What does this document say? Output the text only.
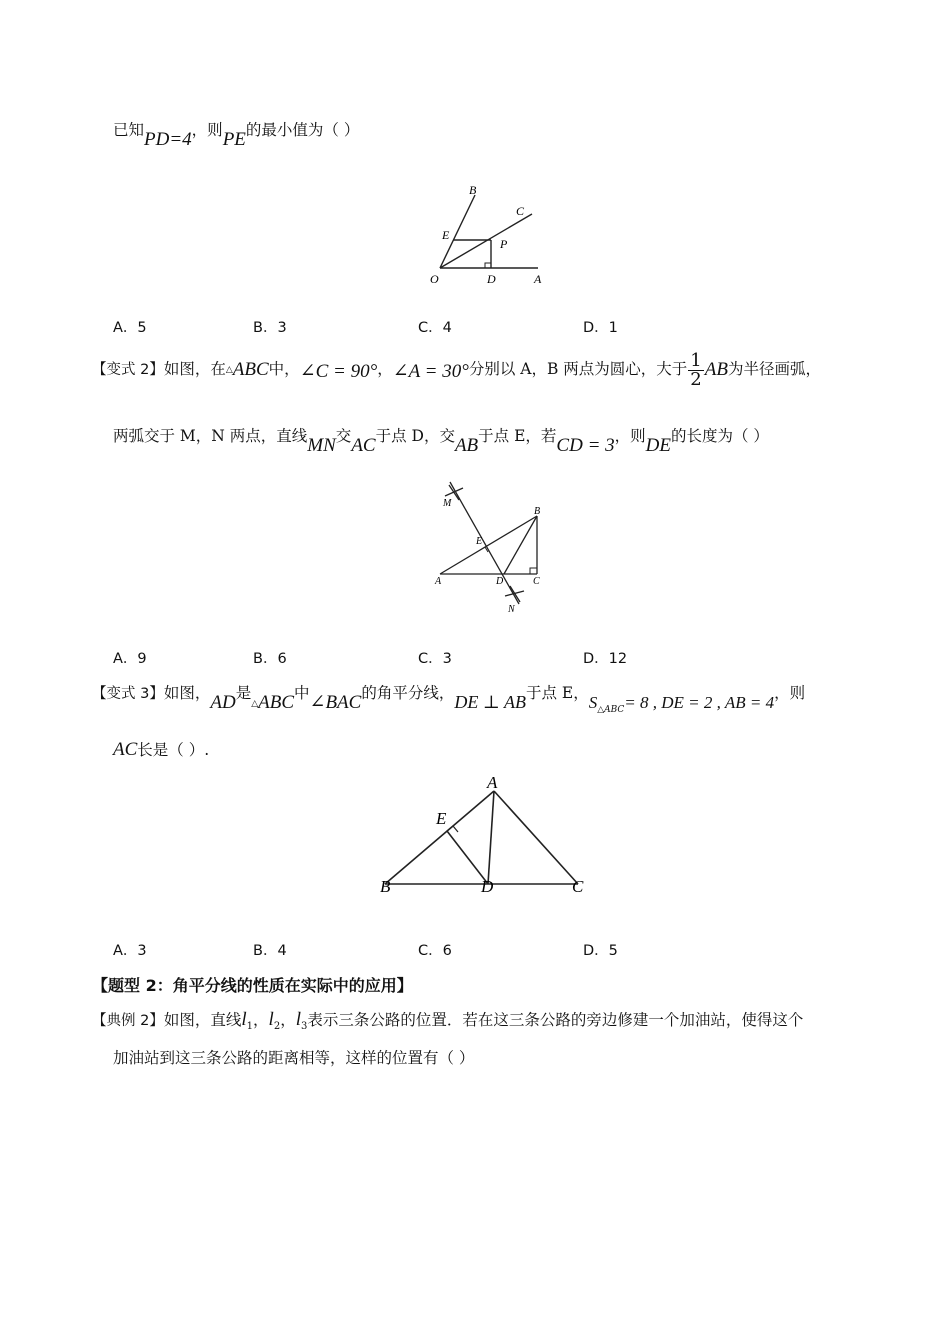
已知PD=4，则PE的最小值为（ ）
B
C
E
P
O	D	A
A．5	B．3	C．4	D．1
【变式 2】如图，在$_\triangle$ABC中，∠C = 90°，∠A = 30°分别以 A，B 两点为圆心，大于 $\frac{1}{2}$ AB为半径画弧，
两弧交于 M，N 两点，直线MN交AC于点 D，交AB于点 E，若CD = 3，则DE的长度为（ ）
M
B
E
A	D	C
N
A．9	B．6	C．3	D．12
【变式 3】如图，AD是$_\triangle$ABC中∠BAC的角平分线，DE ⊥ AB于点 E，$S_{\triangle ABC}= 8$ , DE = 2 , AB = 4，则
AC长是（ ）.
A
E
B	D	C
A．3	B．4	C．6	D．5
【题型 2：角平分线的性质在实际中的应用】
【典例 2】如图，直线$l_1$，$l_2$，$l_3$表示三条公路的位置．若在这三条公路的旁边修建一个加油站，使得这个
加油站到这三条公路的距离相等，这样的位置有（ ）
